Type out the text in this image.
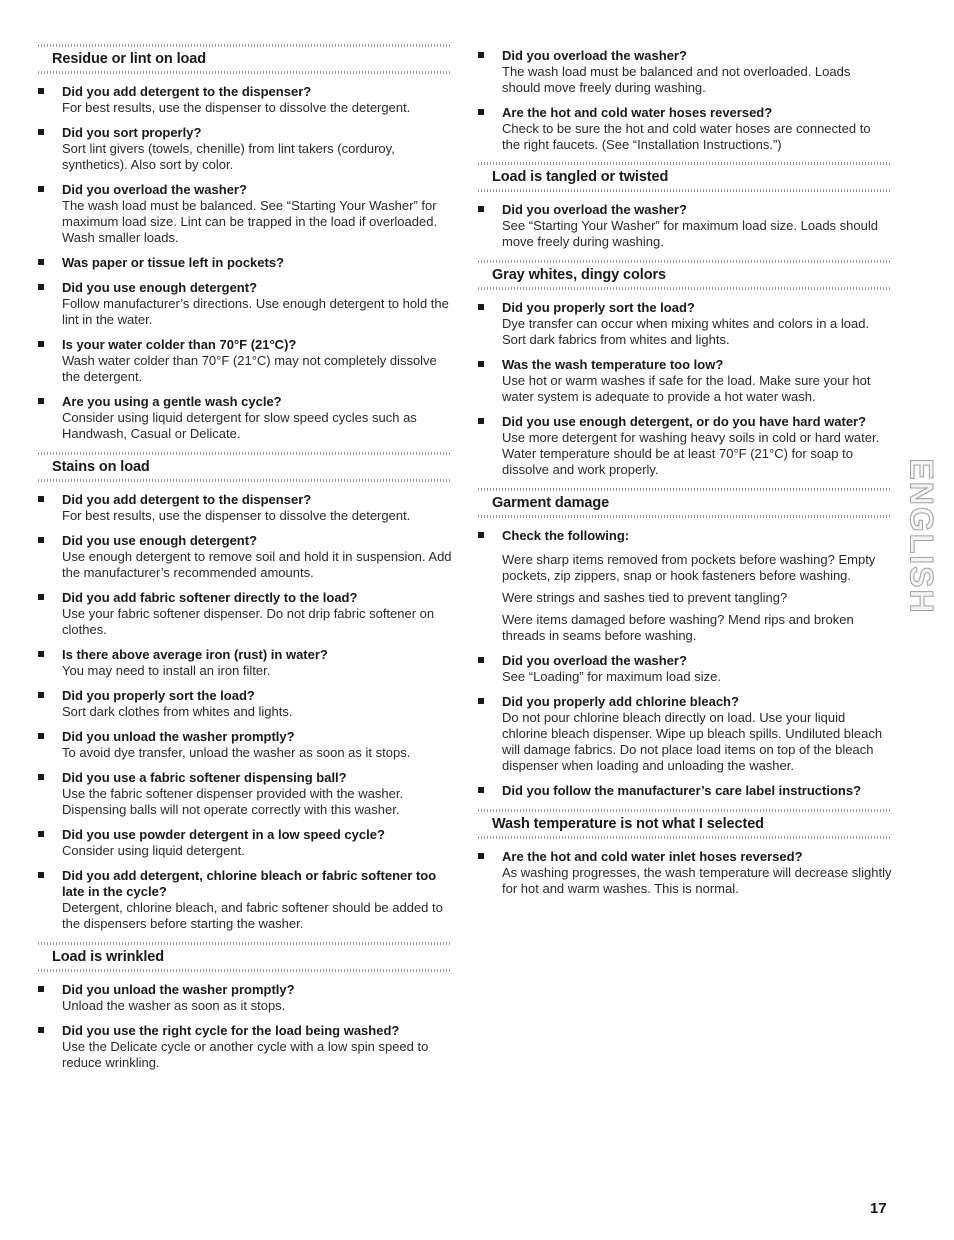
Residue or lint on load
Did you add detergent to the dispenser?
For best results, use the dispenser to dissolve the detergent.
Did you sort properly?
Sort lint givers (towels, chenille) from lint takers (corduroy, synthetics). Also sort by color.
Did you overload the washer?
The wash load must be balanced. See “Starting Your Washer” for maximum load size. Lint can be trapped in the load if overloaded. Wash smaller loads.
Was paper or tissue left in pockets?
Did you use enough detergent?
Follow manufacturer’s directions. Use enough detergent to hold the lint in the water.
Is your water colder than 70°F (21°C)?
Wash water colder than 70°F (21°C) may not completely dissolve the detergent.
Are you using a gentle wash cycle?
Consider using liquid detergent for slow speed cycles such as Handwash, Casual or Delicate.
Stains on load
Did you add detergent to the dispenser?
For best results, use the dispenser to dissolve the detergent.
Did you use enough detergent?
Use enough detergent to remove soil and hold it in suspension. Add the manufacturer’s recommended amounts.
Did you add fabric softener directly to the load?
Use your fabric softener dispenser. Do not drip fabric softener on clothes.
Is there above average iron (rust) in water?
You may need to install an iron filter.
Did you properly sort the load?
Sort dark clothes from whites and lights.
Did you unload the washer promptly?
To avoid dye transfer, unload the washer as soon as it stops.
Did you use a fabric softener dispensing ball?
Use the fabric softener dispenser provided with the washer. Dispensing balls will not operate correctly with this washer.
Did you use powder detergent in a low speed cycle?
Consider using liquid detergent.
Did you add detergent, chlorine bleach or fabric softener too late in the cycle?
Detergent, chlorine bleach, and fabric softener should be added to the dispensers before starting the washer.
Load is wrinkled
Did you unload the washer promptly?
Unload the washer as soon as it stops.
Did you use the right cycle for the load being washed?
Use the Delicate cycle or another cycle with a low spin speed to reduce wrinkling.
Did you overload the washer?
The wash load must be balanced and not overloaded. Loads should move freely during washing.
Are the hot and cold water hoses reversed?
Check to be sure the hot and cold water hoses are connected to the right faucets. (See “Installation Instructions.”)
Load is tangled or twisted
Did you overload the washer?
See “Starting Your Washer” for maximum load size. Loads should move freely during washing.
Gray whites, dingy colors
Did you properly sort the load?
Dye transfer can occur when mixing whites and colors in a load. Sort dark fabrics from whites and lights.
Was the wash temperature too low?
Use hot or warm washes if safe for the load. Make sure your hot water system is adequate to provide a hot water wash.
Did you use enough detergent, or do you have hard water?
Use more detergent for washing heavy soils in cold or hard water. Water temperature should be at least 70°F (21°C) for soap to dissolve and work properly.
Garment damage
Check the following:
Were sharp items removed from pockets before washing? Empty pockets, zip zippers, snap or hook fasteners before washing.
Were strings and sashes tied to prevent tangling?
Were items damaged before washing? Mend rips and broken threads in seams before washing.
Did you overload the washer?
See “Loading” for maximum load size.
Did you properly add chlorine bleach?
Do not pour chlorine bleach directly on load. Use your liquid chlorine bleach dispenser. Wipe up bleach spills. Undiluted bleach will damage fabrics. Do not place load items on top of the bleach dispenser when loading and unloading the washer.
Did you follow the manufacturer’s care label instructions?
Wash temperature is not what I selected
Are the hot and cold water inlet hoses reversed?
As washing progresses, the wash temperature will decrease slightly for hot and warm washes. This is normal.
ENGLISH
17
